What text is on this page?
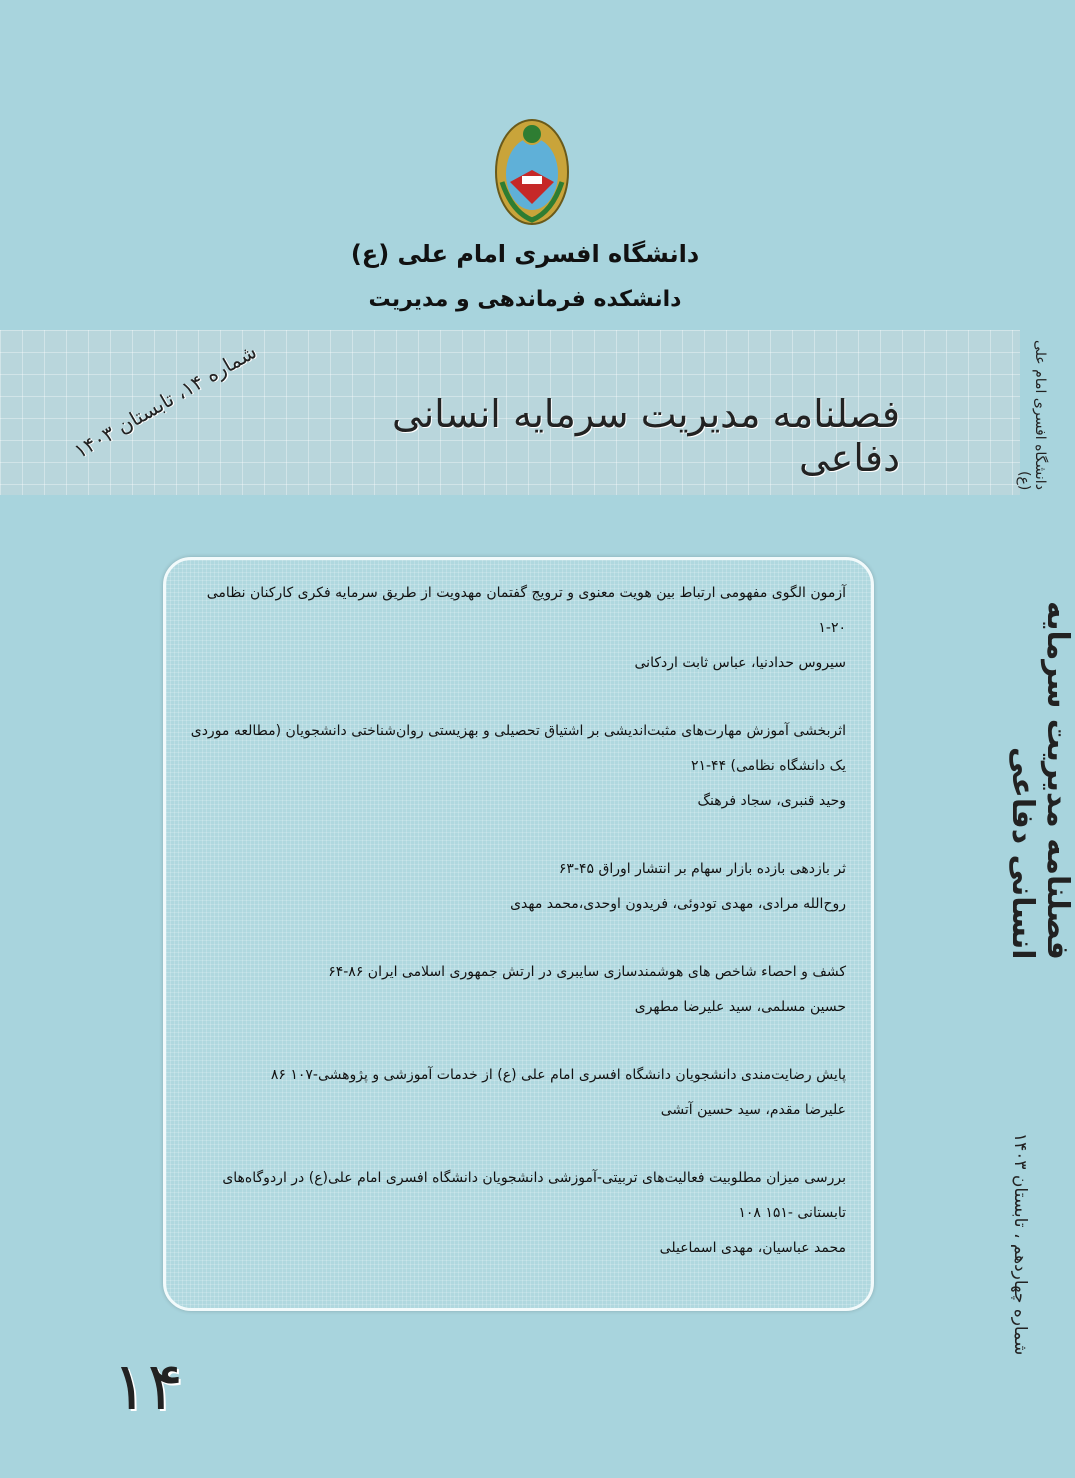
دانشگاه افسری امام علی (ع)
دانشکده فرماندهی و مدیریت
فصلنامه مدیریت سرمایه انسانی دفاعی
شماره ۱۴، تابستان ۱۴۰۳	دانشگاه افسری امام علی (ع)
فصلنامه مدیریت سرمایه انسانی دفاعی
شماره چهاردهم ، تابستان ۱۴۰۳
آزمون الگوی مفهومی ارتباط بین هویت معنوی و ترویج گفتمان مهدویت از طریق سرمایه فکری کارکنان نظامی
۱-۲۰
سیروس حدادنیا، عباس ثابت اردکانی
اثربخشی آموزش مهارت‌های مثبت‌اندیشی بر اشتیاق تحصیلی و بهزیستی روان‌شناختی دانشجویان (مطالعه موردی
یک دانشگاه نظامی) ۴۴-۲۱
وحید قنبری، سجاد فرهنگ
ثر بازدهی بازده بازار سهام بر انتشار اوراق ۴۵-۶۳
روح‌الله مرادی، مهدی تودوئی، فریدون اوحدی،محمد مهدی
کشف و احصاء شاخص های هوشمندسازی سایبری در ارتش جمهوری اسلامی ایران ۸۶-۶۴
حسین مسلمی، سید علیرضا مطهری
پایش رضایت‌مندی دانشجویان دانشگاه افسری امام علی (ع) از خدمات آموزشی و پژوهشی-۱۰۷ ۸۶
علیرضا مقدم، سید حسین آتشی
بررسی میزان مطلوبیت فعالیت‌های تربیتی-آموزشی دانشجویان دانشگاه افسری امام علی(ع) در اردوگاه‌های
تابستانی -۱۵۱ ۱۰۸
محمد عباسیان، مهدی اسماعیلی
۱۴
